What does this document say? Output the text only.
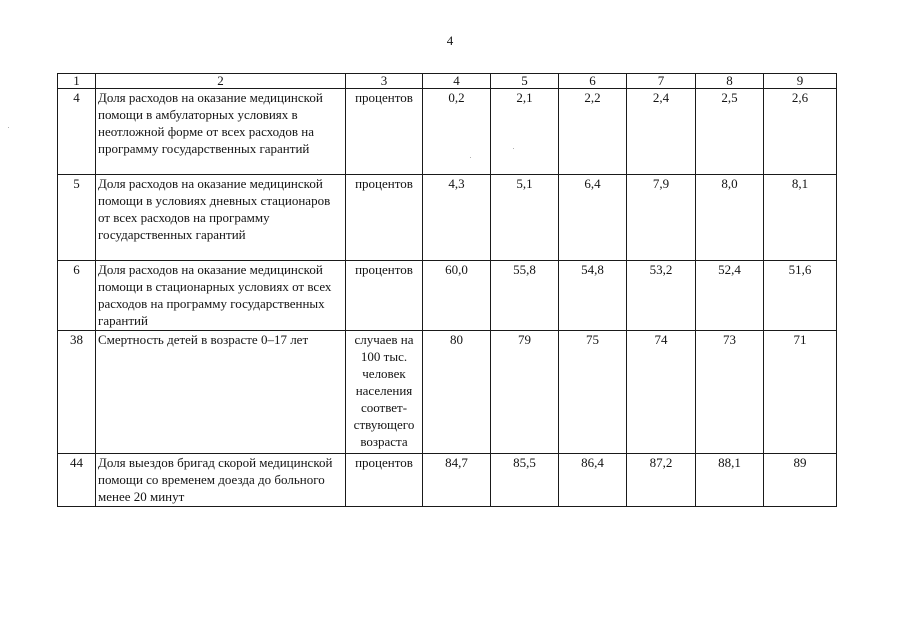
4
1	2	3	4	5	6	7	8	9
4	Доля расходов на оказание медицинской помощи в амбулаторных условиях в неотложной форме от всех расходов на программу государственных гарантий	процентов	0,2	2,1	2,2	2,4	2,5	2,6
5	Доля расходов на оказание медицинской помощи в условиях дневных стационаров от всех расходов на программу государственных гарантий	процентов	4,3	5,1	6,4	7,9	8,0	8,1
6	Доля расходов на оказание медицинской помощи в стационарных условиях от всех расходов на программу государственных гарантий	процентов	60,0	55,8	54,8	53,2	52,4	51,6
38	Смертность детей в возрасте 0–17 лет	случаев на 100 тыс. человек населения соответ-ствующего возраста	80	79	75	74	73	71
44	Доля выездов бригад скорой медицинской помощи со временем доезда до больного менее 20 минут	процентов	84,7	85,5	86,4	87,2	88,1	89
